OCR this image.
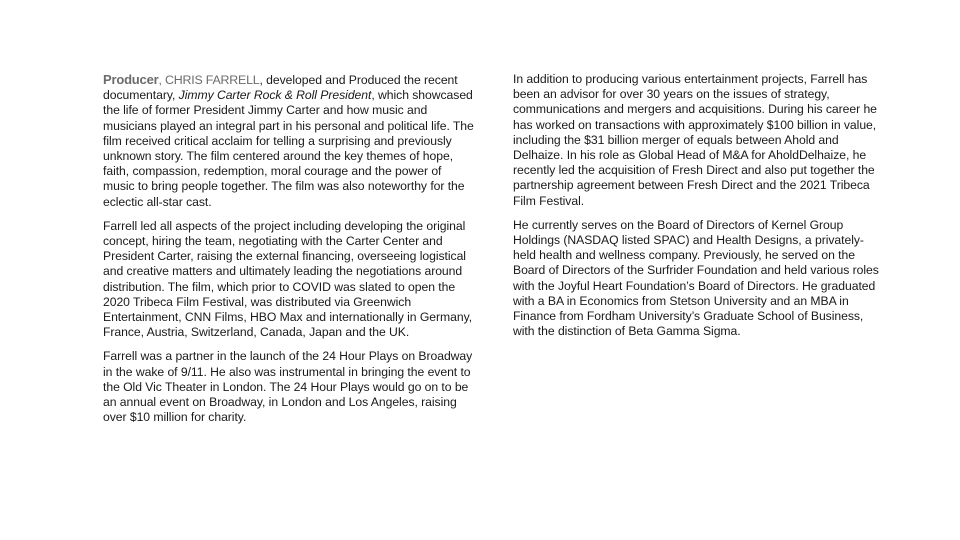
Producer, CHRIS FARRELL, developed and Produced the recent documentary, Jimmy Carter Rock & Roll President, which showcased the life of former President Jimmy Carter and how music and musicians played an integral part in his personal and political life. The film received critical acclaim for telling a surprising and previously unknown story. The film centered around the key themes of hope, faith, compassion, redemption, moral courage and the power of music to bring people together. The film was also noteworthy for the eclectic all-star cast.

Farrell led all aspects of the project including developing the original concept, hiring the team, negotiating with the Carter Center and President Carter, raising the external financing, overseeing logistical and creative matters and ultimately leading the negotiations around distribution. The film, which prior to COVID was slated to open the 2020 Tribeca Film Festival, was distributed via Greenwich Entertainment, CNN Films, HBO Max and internationally in Germany, France, Austria, Switzerland, Canada, Japan and the UK.

Farrell was a partner in the launch of the 24 Hour Plays on Broadway in the wake of 9/11. He also was instrumental in bringing the event to the Old Vic Theater in London. The 24 Hour Plays would go on to be an annual event on Broadway, in London and Los Angeles, raising over $10 million for charity.

In addition to producing various entertainment projects, Farrell has been an advisor for over 30 years on the issues of strategy, communications and mergers and acquisitions. During his career he has worked on transactions with approximately $100 billion in value, including the $31 billion merger of equals between Ahold and Delhaize. In his role as Global Head of M&A for AholdDelhaize, he recently led the acquisition of Fresh Direct and also put together the partnership agreement between Fresh Direct and the 2021 Tribeca Film Festival.

He currently serves on the Board of Directors of Kernel Group Holdings (NASDAQ listed SPAC) and Health Designs, a privately-held health and wellness company. Previously, he served on the Board of Directors of the Surfrider Foundation and held various roles with the Joyful Heart Foundation’s Board of Directors. He graduated with a BA in Economics from Stetson University and an MBA in Finance from Fordham University’s Graduate School of Business, with the distinction of Beta Gamma Sigma.
